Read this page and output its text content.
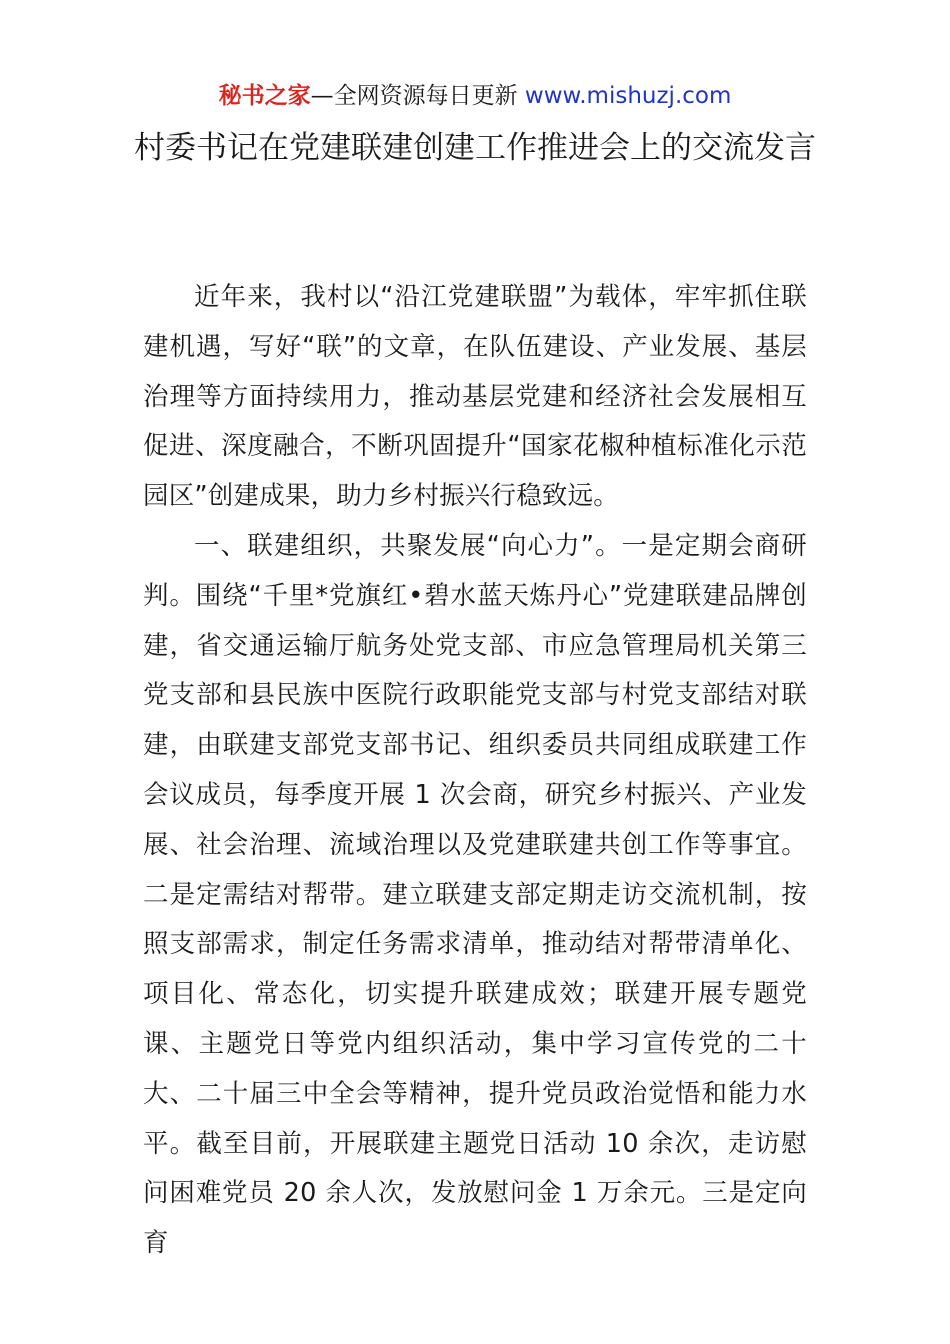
秘书之家—全网资源每日更新 www.mishuzj.com
村委书记在党建联建创建工作推进会上的交流发言

近年来，我村以“沿江党建联盟”为载体，牢牢抓住联建机遇，写好“联”的文章，在队伍建设、产业发展、基层治理等方面持续用力，推动基层党建和经济社会发展相互促进、深度融合，不断巩固提升“国家花椒种植标准化示范园区”创建成果，助力乡村振兴行稳致远。

一、联建组织，共聚发展“向心力”。一是定期会商研判。围绕“千里*党旗红•碧水蓝天炼丹心”党建联建品牌创建，省交通运输厅航务处党支部、市应急管理局机关第三党支部和县民族中医院行政职能党支部与村党支部结对联建，由联建支部党支部书记、组织委员共同组成联建工作会议成员，每季度开展 1 次会商，研究乡村振兴、产业发展、社会治理、流域治理以及党建联建共创工作等事宜。二是定需结对帮带。建立联建支部定期走访交流机制，按照支部需求，制定任务需求清单，推动结对帮带清单化、项目化、常态化，切实提升联建成效；联建开展专题党课、主题党日等党内组织活动，集中学习宣传党的二十大、二十届三中全会等精神，提升党员政治觉悟和能力水平。截至目前，开展联建主题党日活动 10 余次，走访慰问困难党员 20 余人次，发放慰问金 1 万余元。三是定向育
